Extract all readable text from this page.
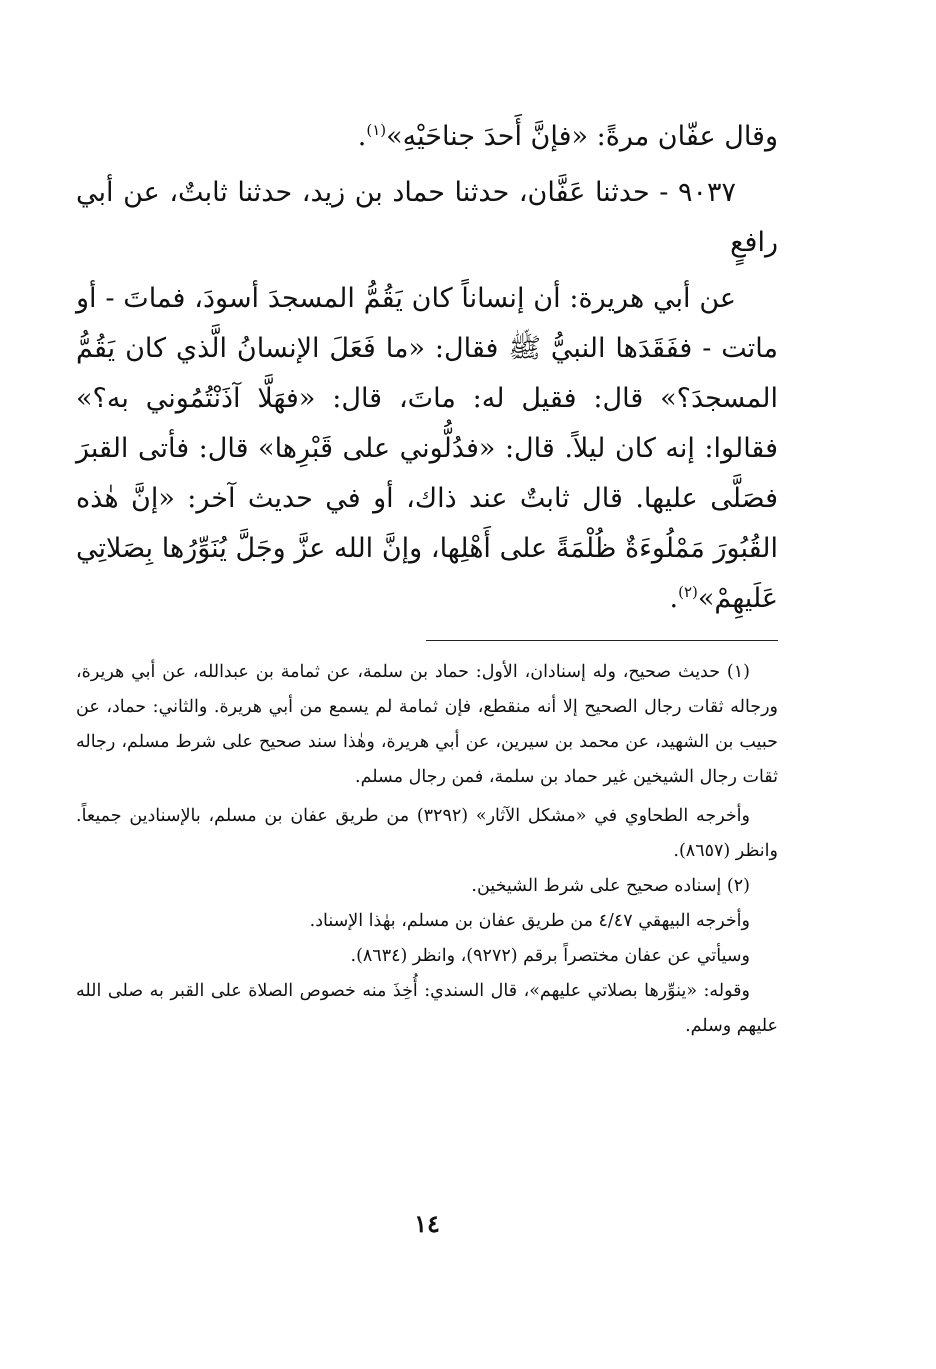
وقال عفّان مرةً: «فإنَّ أَحدَ جناحَيْهِ»$^{(١)}$.

٩٠٣٧ - حدثنا عَفَّان، حدثنا حماد بن زيد، حدثنا ثابتٌ، عن أبي رافعٍ

عن أبي هريرة: أن إنساناً كان يَقُمُّ المسجدَ أسودَ، فماتَ - أو ماتت - ففَقَدَها النبيُّ ﷺ فقال: «ما فَعَلَ الإنسانُ الَّذي كان يَقُمُّ المسجدَ؟» قال: فقيل له: ماتَ، قال: «فهَلَّا آذَنْتُمُوني به؟» فقالوا: إنه كان ليلاً. قال: «فدُلُّوني على قَبْرِها» قال: فأتى القبرَ فصَلَّى عليها. قال ثابتٌ عند ذاك، أو في حديث آخر: «إنَّ هٰذه القُبُورَ مَمْلُوءَةٌ ظُلْمَةً على أَهْلِها، وإنَّ الله عزَّ وجَلَّ يُنَوِّرُها بِصَلاتِي عَلَيهِمْ»$^{(٢)}$.

(١) حديث صحيح، وله إسنادان، الأول: حماد بن سلمة، عن ثمامة بن عبدالله، عن أبي هريرة، ورجاله ثقات رجال الصحيح إلا أنه منقطع، فإن ثمامة لم يسمع من أبي هريرة. والثاني: حماد، عن حبيب بن الشهيد، عن محمد بن سيرين، عن أبي هريرة، وهٰذا سند صحيح على شرط مسلم، رجاله ثقات رجال الشيخين غير حماد بن سلمة، فمن رجال مسلم.

وأخرجه الطحاوي في «مشكل الآثار» (٣٢٩٢) من طريق عفان بن مسلم، بالإسنادين جميعاً. وانظر (٨٦٥٧).

(٢) إسناده صحيح على شرط الشيخين.

وأخرجه البيهقي ٤/٤٧ من طريق عفان بن مسلم، بهٰذا الإسناد.

وسيأتي عن عفان مختصراً برقم (٩٢٧٢)، وانظر (٨٦٣٤).

وقوله: «ينوِّرها بصلاتي عليهم»، قال السندي: أُخِذَ منه خصوص الصلاة على القبر به صلى الله عليهم وسلم.

١٤
